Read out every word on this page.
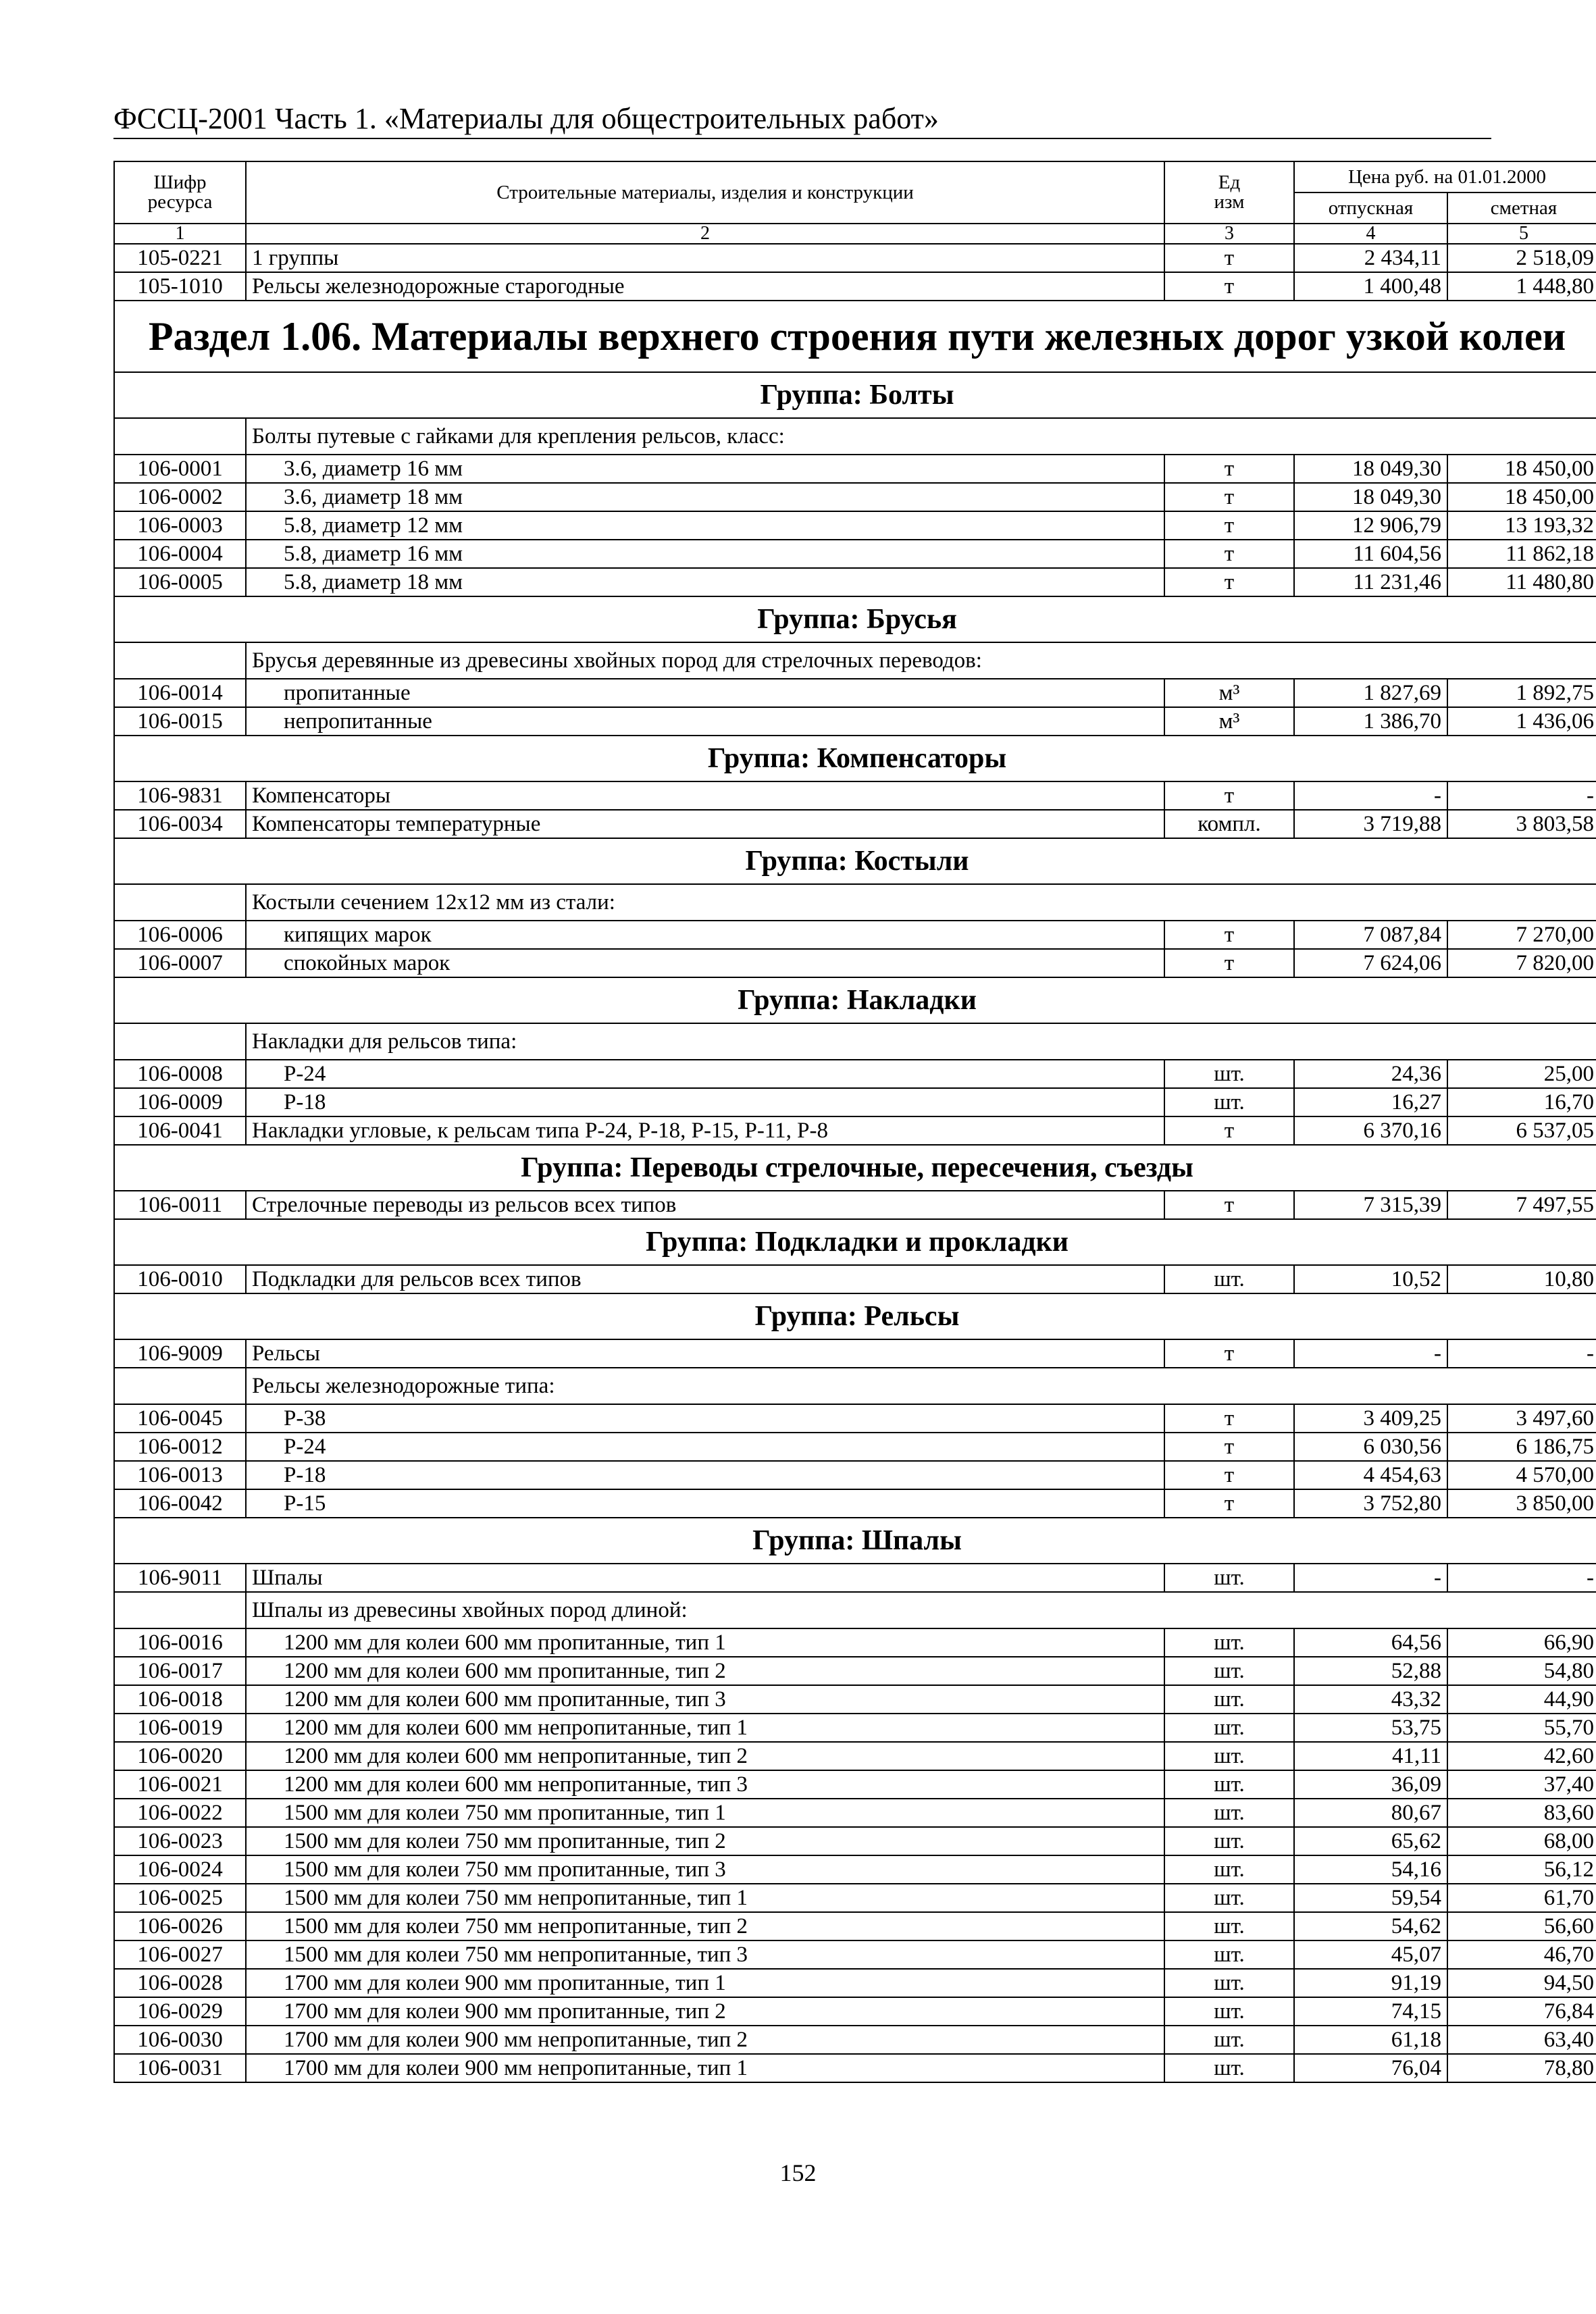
ФССЦ-2001 Часть 1. «Материалы для общестроительных работ»
Шифр
ресурса	Строительные материалы, изделия и конструкции	Ед
изм	Цена руб. на 01.01.2000	
			отпускная	сметная
1	2	3	4	5
105-0221	1 группы	т	2 434,11	2 518,09
105-1010	Рельсы железнодорожные старогодные	т	1 400,48	1 448,80
Раздел 1.06. Материалы верхнего строения пути железных дорог узкой колеи				
Группа: Болты				
	Болты путевые с гайками для крепления рельсов, класс:			
106-0001	3.6, диаметр 16 мм	т	18 049,30	18 450,00
106-0002	3.6, диаметр 18 мм	т	18 049,30	18 450,00
106-0003	5.8, диаметр 12 мм	т	12 906,79	13 193,32
106-0004	5.8, диаметр 16 мм	т	11 604,56	11 862,18
106-0005	5.8, диаметр 18 мм	т	11 231,46	11 480,80
Группа: Брусья				
	Брусья деревянные из древесины хвойных пород для стрелочных переводов:			
106-0014	пропитанные	м³	1 827,69	1 892,75
106-0015	непропитанные	м³	1 386,70	1 436,06
Группа: Компенсаторы				
106-9831	Компенсаторы	т	-	-
106-0034	Компенсаторы температурные	компл.	3 719,88	3 803,58
Группа: Костыли				
	Костыли сечением 12х12 мм из стали:			
106-0006	кипящих марок	т	7 087,84	7 270,00
106-0007	спокойных марок	т	7 624,06	7 820,00
Группа: Накладки				
	Накладки для рельсов типа:			
106-0008	Р-24	шт.	24,36	25,00
106-0009	Р-18	шт.	16,27	16,70
106-0041	Накладки угловые, к рельсам типа Р-24, Р-18, Р-15, Р-11, Р-8	т	6 370,16	6 537,05
Группа: Переводы стрелочные, пересечения, съезды				
106-0011	Стрелочные переводы из рельсов всех типов	т	7 315,39	7 497,55
Группа: Подкладки и прокладки				
106-0010	Подкладки для рельсов всех типов	шт.	10,52	10,80
Группа: Рельсы				
106-9009	Рельсы	т	-	-
	Рельсы железнодорожные типа:			
106-0045	Р-38	т	3 409,25	3 497,60
106-0012	Р-24	т	6 030,56	6 186,75
106-0013	Р-18	т	4 454,63	4 570,00
106-0042	Р-15	т	3 752,80	3 850,00
Группа: Шпалы				
106-9011	Шпалы	шт.	-	-
	Шпалы из древесины хвойных пород длиной:			
106-0016	1200 мм для колеи 600 мм пропитанные, тип 1	шт.	64,56	66,90
106-0017	1200 мм для колеи 600 мм пропитанные, тип 2	шт.	52,88	54,80
106-0018	1200 мм для колеи 600 мм пропитанные, тип 3	шт.	43,32	44,90
106-0019	1200 мм для колеи 600 мм непропитанные, тип 1	шт.	53,75	55,70
106-0020	1200 мм для колеи 600 мм непропитанные, тип 2	шт.	41,11	42,60
106-0021	1200 мм для колеи 600 мм непропитанные, тип 3	шт.	36,09	37,40
106-0022	1500 мм для колеи 750 мм пропитанные, тип 1	шт.	80,67	83,60
106-0023	1500 мм для колеи 750 мм пропитанные, тип 2	шт.	65,62	68,00
106-0024	1500 мм для колеи 750 мм пропитанные, тип 3	шт.	54,16	56,12
106-0025	1500 мм для колеи 750 мм непропитанные, тип 1	шт.	59,54	61,70
106-0026	1500 мм для колеи 750 мм непропитанные, тип 2	шт.	54,62	56,60
106-0027	1500 мм для колеи 750 мм непропитанные, тип 3	шт.	45,07	46,70
106-0028	1700 мм для колеи 900 мм пропитанные, тип 1	шт.	91,19	94,50
106-0029	1700 мм для колеи 900 мм пропитанные, тип 2	шт.	74,15	76,84
106-0030	1700 мм для колеи 900 мм непропитанные, тип 2	шт.	61,18	63,40
106-0031	1700 мм для колеи 900 мм непропитанные, тип 1	шт.	76,04	78,80
152
